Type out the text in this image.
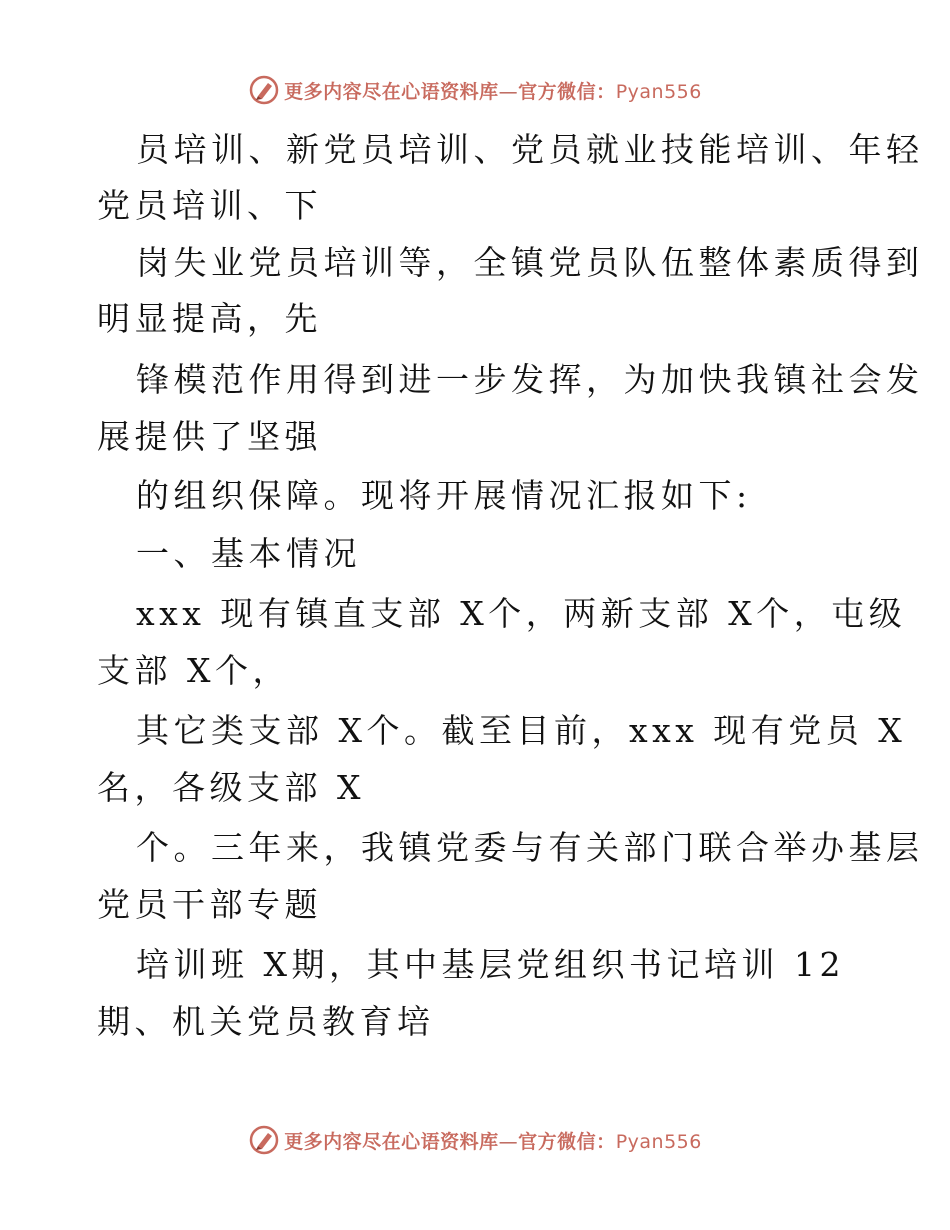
更多内容尽在心语资料库—官方微信：Pyan556
员培训、新党员培训、党员就业技能培训、年轻
党员培训、下
岗失业党员培训等，全镇党员队伍整体素质得到
明显提高，先
锋模范作用得到进一步发挥，为加快我镇社会发
展提供了坚强
的组织保障。现将开展情况汇报如下:
一、基本情况
xxx 现有镇直支部 X个，两新支部 X个，屯级
支部 X个，
其它类支部 X个。截至目前，xxx 现有党员 X
名，各级支部 X
个。三年来，我镇党委与有关部门联合举办基层
党员干部专题
培训班 X期，其中基层党组织书记培训 12
期、机关党员教育培
更多内容尽在心语资料库—官方微信：Pyan556
